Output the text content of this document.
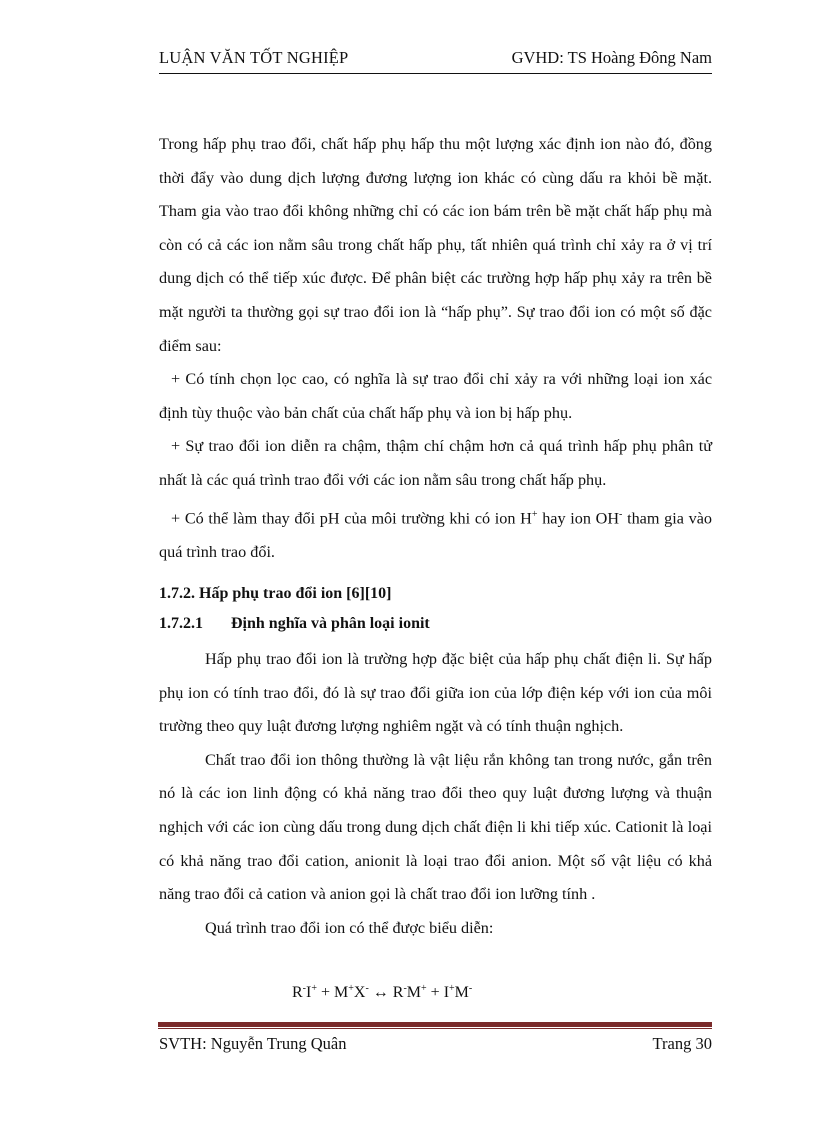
LUẬN VĂN TỐT NGHIỆP	GVHD: TS Hoàng Đông Nam

Trong hấp phụ trao đổi, chất hấp phụ hấp thu một lượng xác định ion nào đó, đồng thời đẩy vào dung dịch lượng đương lượng ion khác có cùng dấu ra khỏi bề mặt. Tham gia vào trao đổi không những chỉ có các ion bám trên bề mặt chất hấp phụ mà còn có cả các ion nằm sâu trong chất hấp phụ, tất nhiên quá trình chỉ xảy ra ở vị trí dung dịch có thể tiếp xúc được. Để phân biệt các trường hợp hấp phụ xảy ra trên bề mặt người ta thường gọi sự trao đổi ion là “hấp phụ”. Sự trao đổi ion có một số đặc điểm sau:

+ Có tính chọn lọc cao, có nghĩa là sự trao đổi chỉ xảy ra với những loại ion xác định tùy thuộc vào bản chất của chất hấp phụ và ion bị hấp phụ.

+ Sự trao đổi ion diễn ra chậm, thậm chí chậm hơn cả quá trình hấp phụ phân tử nhất là các quá trình trao đổi với các ion nằm sâu trong chất hấp phụ.

+ Có thể làm thay đổi pH của môi trường khi có ion H+ hay ion OH- tham gia vào quá trình trao đổi.

1.7.2. Hấp phụ trao đổi ion [6][10]
1.7.2.1 Định nghĩa và phân loại ionit

Hấp phụ trao đổi ion là trường hợp đặc biệt của hấp phụ chất điện li. Sự hấp phụ ion có tính trao đổi, đó là sự trao đổi giữa ion của lớp điện kép với ion của môi trường theo quy luật đương lượng nghiêm ngặt và có tính thuận nghịch.

Chất trao đổi ion thông thường là vật liệu rắn không tan trong nước, gắn trên nó là các ion linh động có khả năng trao đổi theo quy luật đương lượng và thuận nghịch với các ion cùng dấu trong dung dịch chất điện li khi tiếp xúc. Cationit là loại có khả năng trao đổi cation, anionit là loại trao đổi anion. Một số vật liệu có khả năng trao đổi cả cation và anion gọi là chất trao đổi ion lưỡng tính .

Quá trình trao đổi ion có thể được biểu diễn:

R-I+ + M+X- ↔ R-M+ + I+M-
SVTH: Nguyễn Trung Quân	Trang 30
